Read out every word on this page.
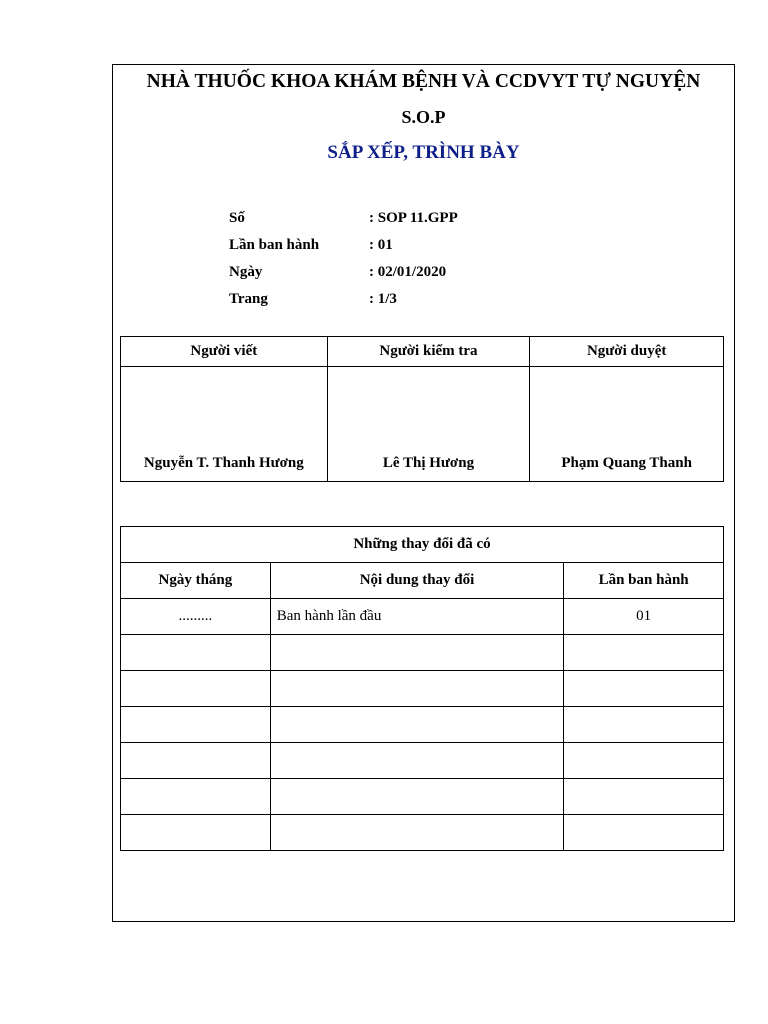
NHÀ THUỐC KHOA KHÁM BỆNH VÀ CCDVYT TỰ NGUYỆN
S.O.P
SẮP XẾP, TRÌNH BÀY
Số	: SOP 11.GPP
Lần ban hành	: 01
Ngày	: 02/01/2020
Trang	: 1/3
Người viết	Người kiểm tra	Người duyệt
Nguyễn T. Thanh Hương	Lê Thị Hương	Phạm Quang Thanh
Những thay đổi đã có		
Ngày tháng	Nội dung thay đổi	Lần ban hành
.........	Ban hành lần đầu	01
